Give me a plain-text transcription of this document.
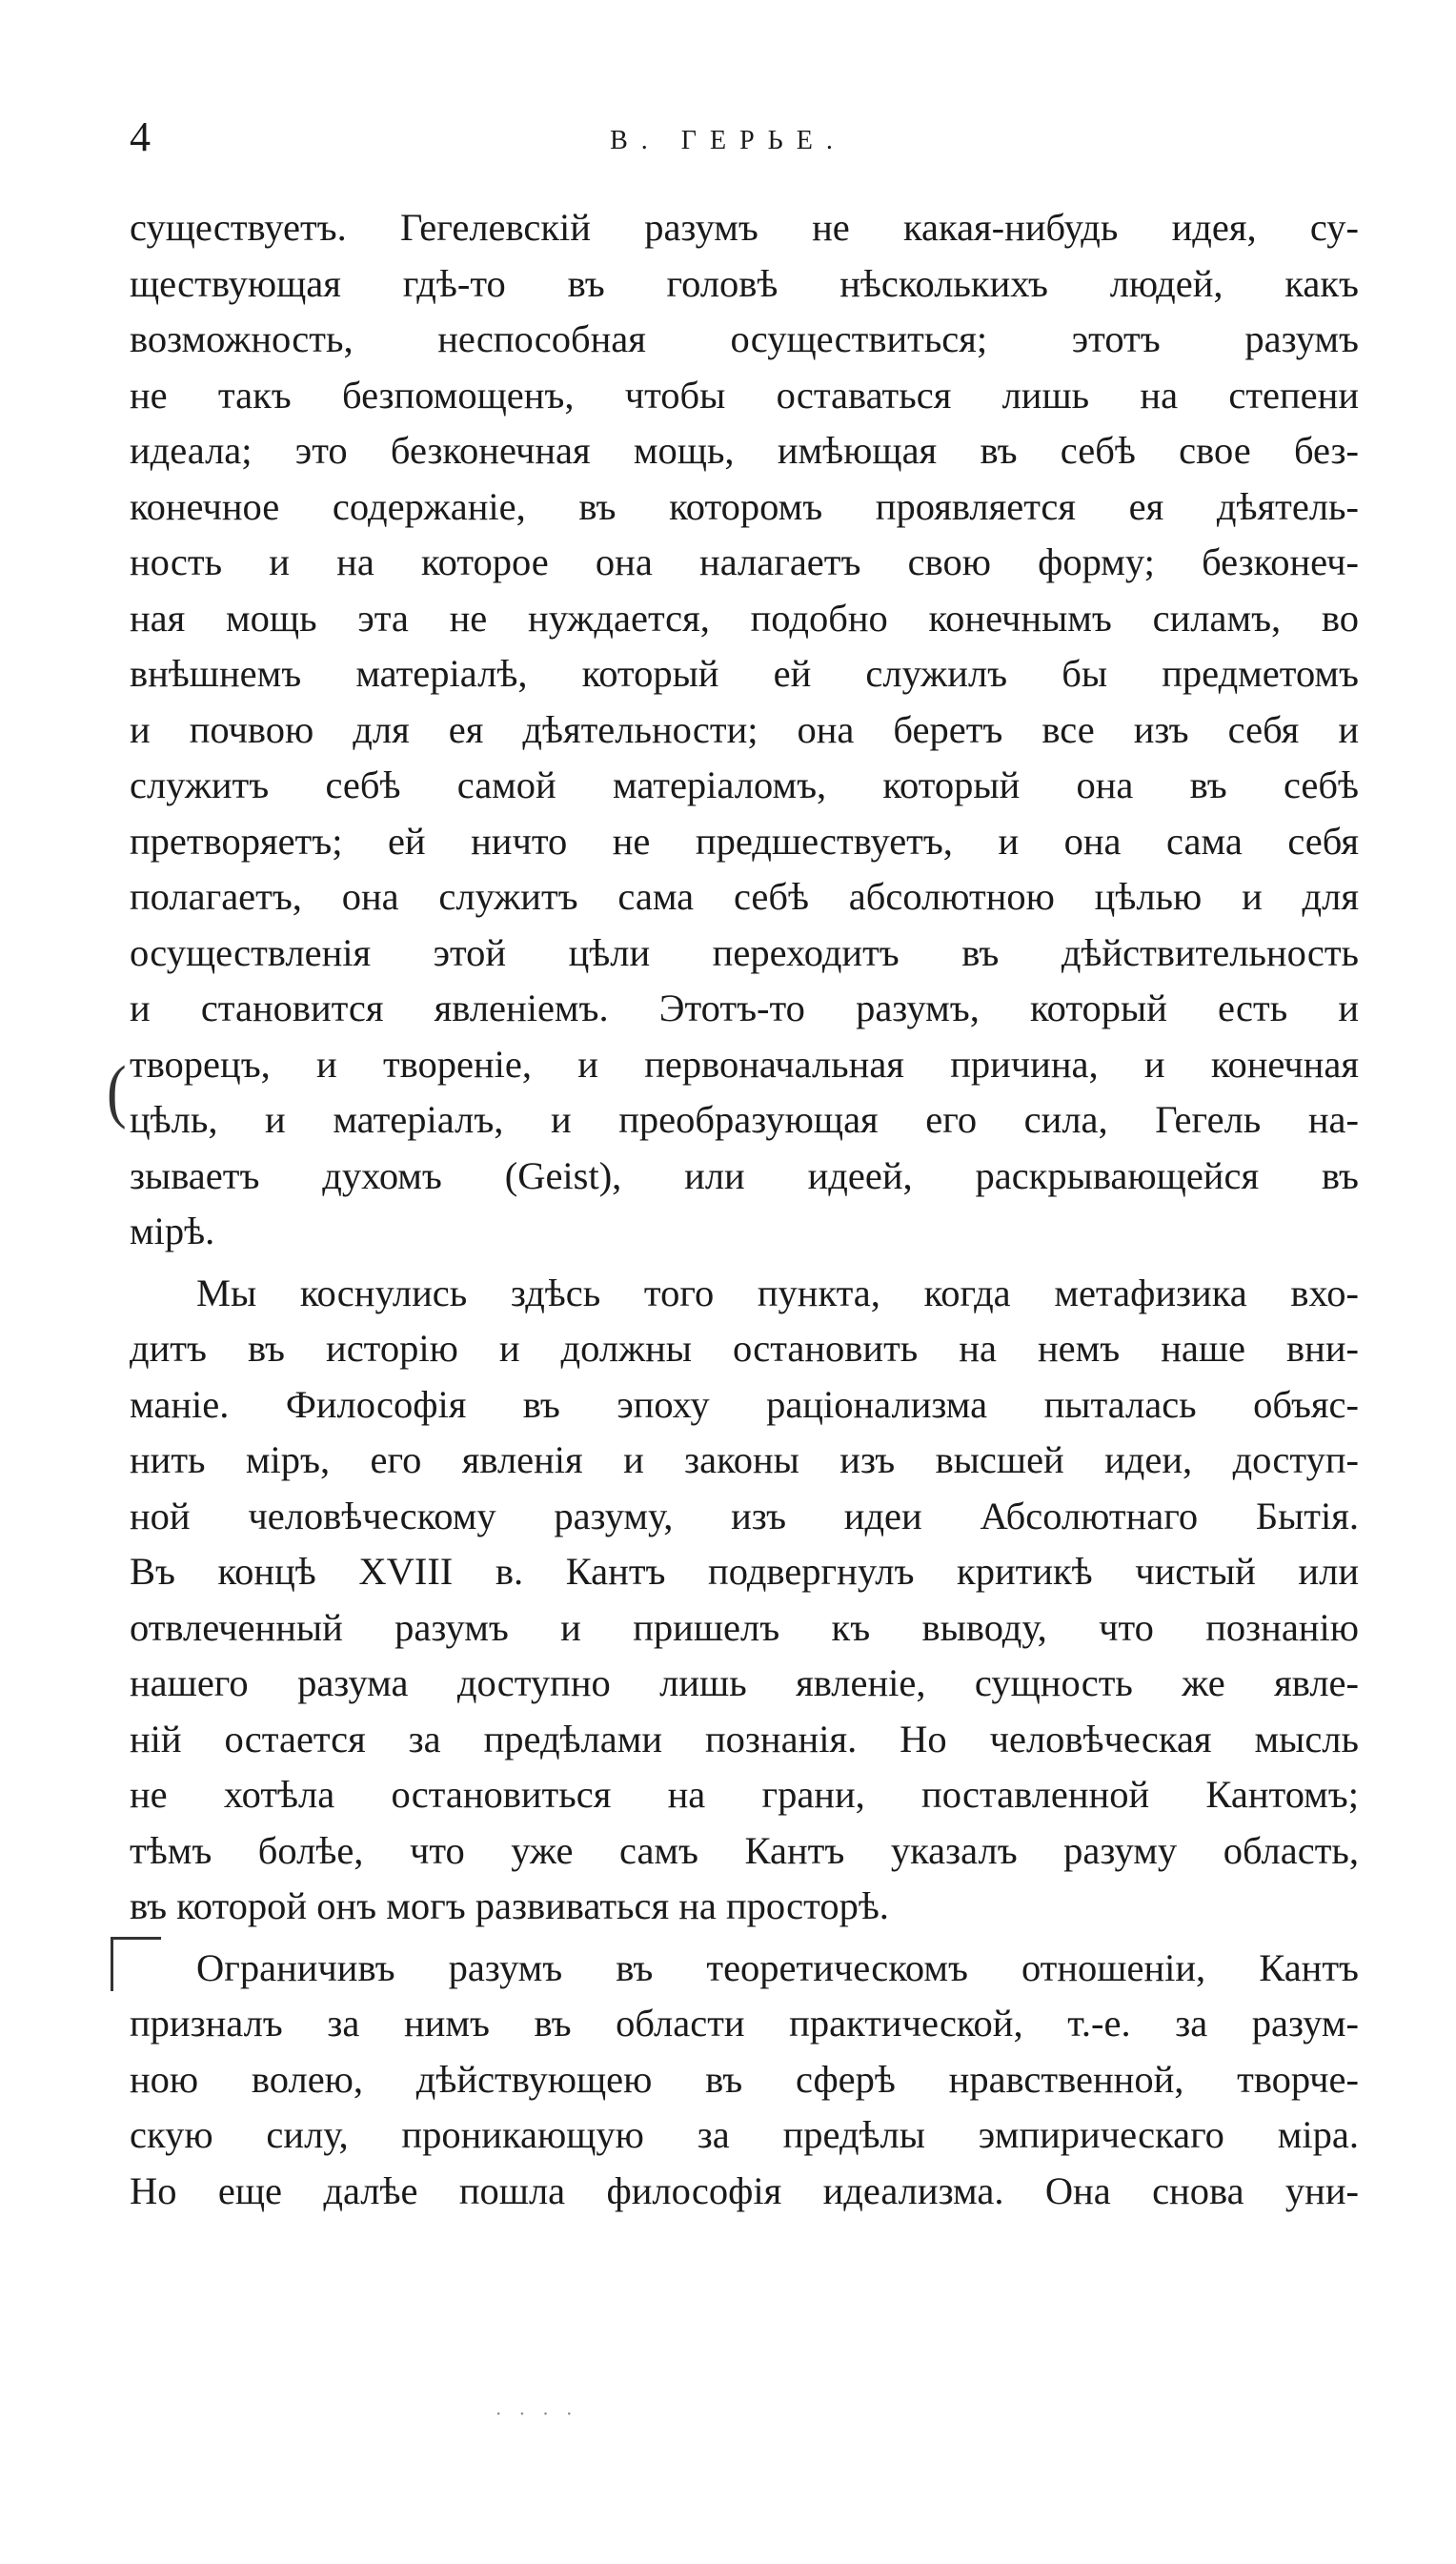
4	В. ГЕРЬЕ.
существуетъ. Гегелевскій разумъ не какая-нибудь идея, су-
ществующая гдѣ-то въ головѣ нѣсколькихъ людей, какъ
возможность, неспособная осуществиться; этотъ разумъ
не такъ безпомощенъ, чтобы оставаться лишь на степени
идеала; это безконечная мощь, имѣющая въ себѣ свое без-
конечное содержаніе, въ которомъ проявляется ея дѣятель-
ность и на которое она налагаетъ свою форму; безконеч-
ная мощь эта не нуждается, подобно конечнымъ силамъ, во
внѣшнемъ матеріалѣ, который ей служилъ бы предметомъ
и почвою для ея дѣятельности; она беретъ все изъ себя и
служитъ себѣ самой матеріаломъ, который она въ себѣ
претворяетъ; ей ничто не предшествуетъ, и она сама себя
полагаетъ, она служитъ сама себѣ абсолютною цѣлью и для
осуществленія этой цѣли переходитъ въ дѣйствительность
и становится явленіемъ. Этотъ-то разумъ, который есть и
творецъ, и твореніе, и первоначальная причина, и конечная
цѣль, и матеріалъ, и преобразующая его сила, Гегель на-
зываетъ духомъ (Geist), или идеей, раскрывающейся въ
мірѣ.
Мы коснулись здѣсь того пункта, когда метафизика вхо-
дитъ въ исторію и должны остановить на немъ наше вни-
маніе. Философія въ эпоху раціонализма пыталась объяс-
нить міръ, его явленія и законы изъ высшей идеи, доступ-
ной человѣческому разуму, изъ идеи Абсолютнаго Бытія.
Въ концѣ XVIII в. Кантъ подвергнулъ критикѣ чистый или
отвлеченный разумъ и пришелъ къ выводу, что познанію
нашего разума доступно лишь явленіе, сущность же явле-
ній остается за предѣлами познанія. Но человѣческая мысль
не хотѣла остановиться на грани, поставленной Кантомъ;
тѣмъ болѣе, что уже самъ Кантъ указалъ разуму область,
въ которой онъ могъ развиваться на просторѣ.
Ограничивъ разумъ въ теоретическомъ отношеніи, Кантъ
призналъ за нимъ въ области практической, т.-е. за разум-
ною волею, дѣйствующею въ сферѣ нравственной, творче-
скую силу, проникающую за предѣлы эмпирическаго міра.
Но еще далѣе пошла философія идеализма. Она снова уни-
(
· · · ·
